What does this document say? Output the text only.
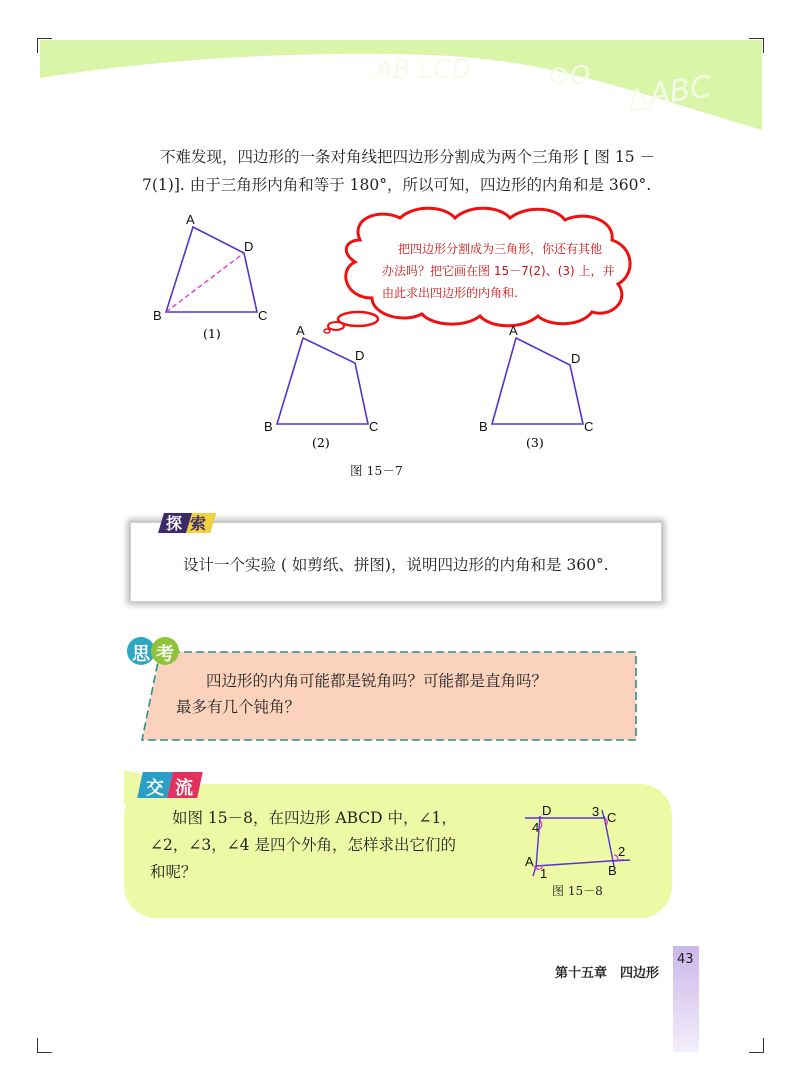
AB⊥CD	⊙O △ABC
不难发现，四边形的一条对角线把四边形分割成为两个三角形 [ 图 15 －
7(1)]. 由于三角形内角和等于 180°，所以可知，四边形的内角和是 360°.
A
D
B	C
(1)	A
D
B	C
(2)
A
D
B	C
(3)
图 15－7
把四边形分割成为三角形，你还有其他
办法吗？把它画在图 15－7(2)、(3) 上，并
由此求出四边形的内角和.
设计一个实验 ( 如剪纸、拼图)，说明四边形的内角和是 360°.
探 索
四边形的内角可能都是锐角吗？可能都是直角吗？
最多有几个钝角？
思 考
交 流
如图 15－8，在四边形 ABCD 中，∠1，
∠2，∠3，∠4 是四个外角，怎样求出它们的
和呢？
D	C
A
B
1
2
3
4
图 15－8
第十五章　四边形
43
